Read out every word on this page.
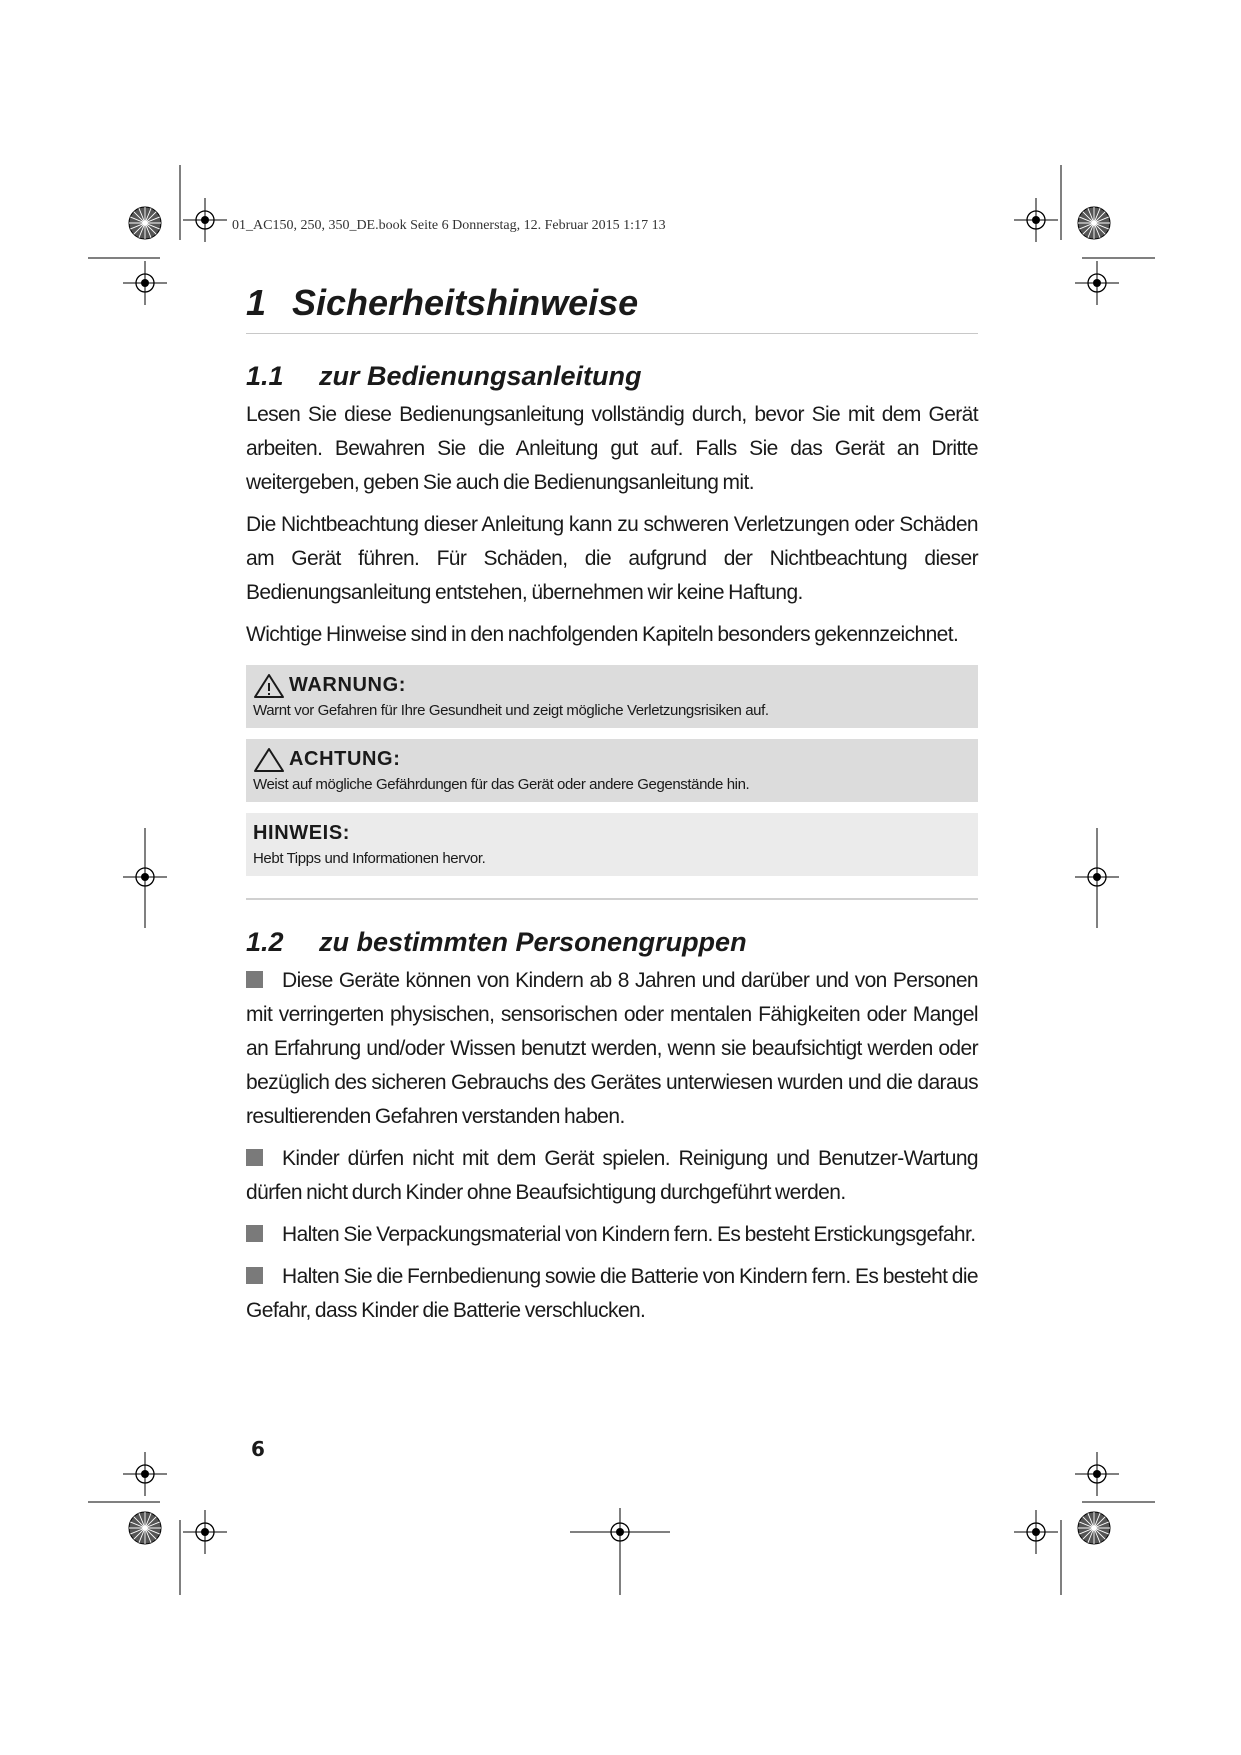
01_AC150, 250, 350_DE.book Seite 6 Donnerstag, 12. Februar 2015 1:17 13
1 Sicherheitshinweise
1.1 zur Bedienungsanleitung

Lesen Sie diese Bedienungsanleitung vollständig durch, bevor Sie mit dem Gerät arbeiten. Bewahren Sie die Anleitung gut auf. Falls Sie das Gerät an Dritte weitergeben, geben Sie auch die Bedienungsanleitung mit.

Die Nichtbeachtung dieser Anleitung kann zu schweren Verletzungen oder Schäden am Gerät führen. Für Schäden, die aufgrund der Nichtbeachtung dieser Bedienungsanleitung entstehen, übernehmen wir keine Haftung.

Wichtige Hinweise sind in den nachfolgenden Kapiteln besonders gekennzeichnet.

WARNUNG:
Warnt vor Gefahren für Ihre Gesundheit und zeigt mögliche Verletzungsrisiken auf.
ACHTUNG:
Weist auf mögliche Gefährdungen für das Gerät oder andere Gegenstände hin.
HINWEIS:
Hebt Tipps und Informationen hervor.
1.2 zu bestimmten Personengruppen

Diese Geräte können von Kindern ab 8 Jahren und darüber und von Personen mit verringerten physischen, sensorischen oder mentalen Fähigkeiten oder Mangel an Erfahrung und/oder Wissen benutzt werden, wenn sie beaufsichtigt werden oder bezüglich des sicheren Gebrauchs des Gerätes unterwiesen wurden und die daraus resultierenden Gefahren verstanden haben.

Kinder dürfen nicht mit dem Gerät spielen. Reinigung und Benutzer-Wartung dürfen nicht durch Kinder ohne Beaufsichtigung durchgeführt werden.

Halten Sie Verpackungsmaterial von Kindern fern. Es besteht Erstickungsgefahr.

Halten Sie die Fernbedienung sowie die Batterie von Kindern fern. Es besteht die Gefahr, dass Kinder die Batterie verschlucken.

6
